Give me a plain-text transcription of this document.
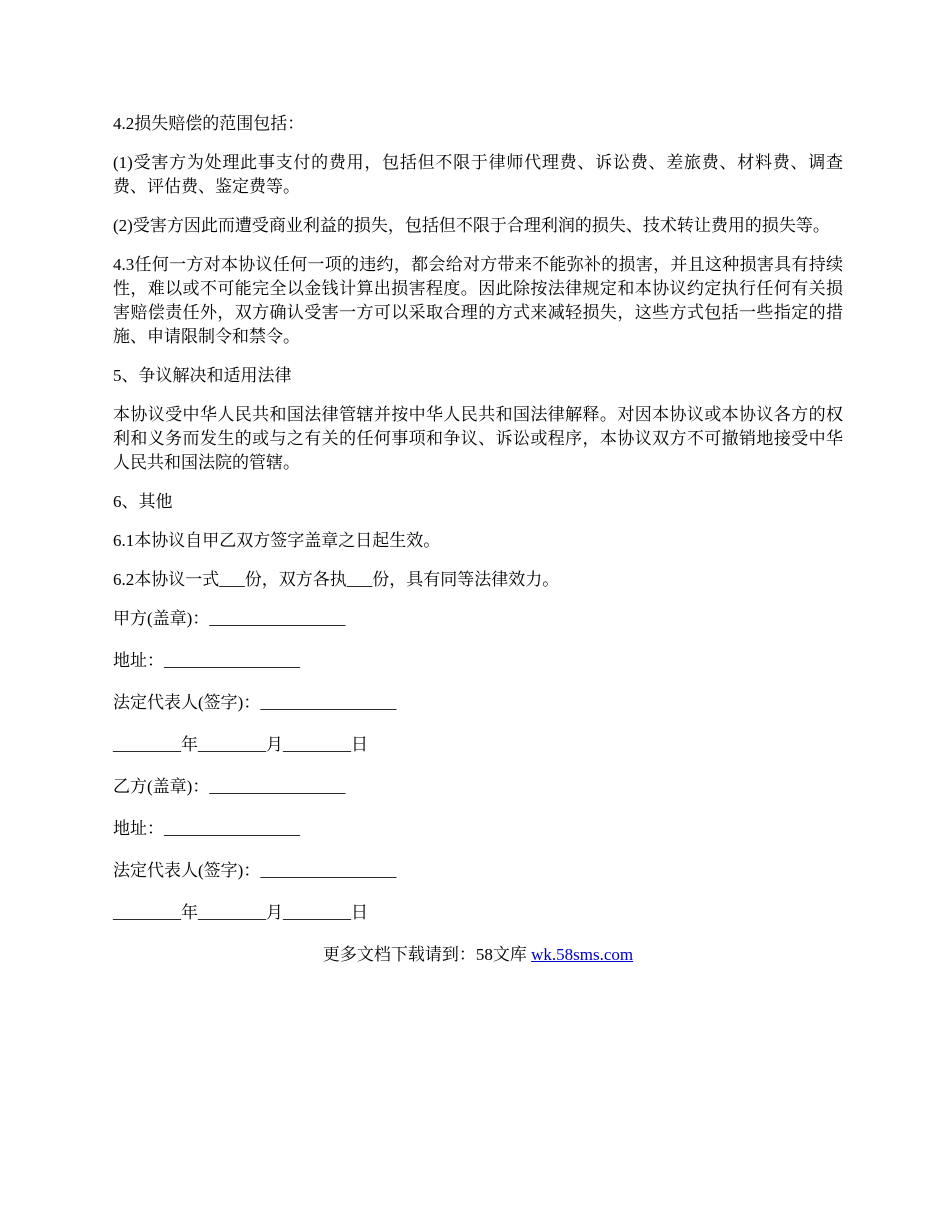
4.2损失赔偿的范围包括：

(1)受害方为处理此事支付的费用，包括但不限于律师代理费、诉讼费、差旅费、材料费、调查费、评估费、鉴定费等。

(2)受害方因此而遭受商业利益的损失，包括但不限于合理利润的损失、技术转让费用的损失等。

4.3任何一方对本协议任何一项的违约，都会给对方带来不能弥补的损害，并且这种损害具有持续性，难以或不可能完全以金钱计算出损害程度。因此除按法律规定和本协议约定执行任何有关损害赔偿责任外，双方确认受害一方可以采取合理的方式来减轻损失，这些方式包括一些指定的措施、申请限制令和禁令。

5、争议解决和适用法律

本协议受中华人民共和国法律管辖并按中华人民共和国法律解释。对因本协议或本协议各方的权利和义务而发生的或与之有关的任何事项和争议、诉讼或程序，本协议双方不可撤销地接受中华人民共和国法院的管辖。

6、其他

6.1本协议自甲乙双方签字盖章之日起生效。

6.2本协议一式___份，双方各执___份，具有同等法律效力。

甲方(盖章)：________________
地址：________________
法定代表人(签字)：________________
________年________月________日
乙方(盖章)：________________
地址：________________
法定代表人(签字)：________________
________年________月________日
更多文档下载请到：58文库 wk.58sms.com
